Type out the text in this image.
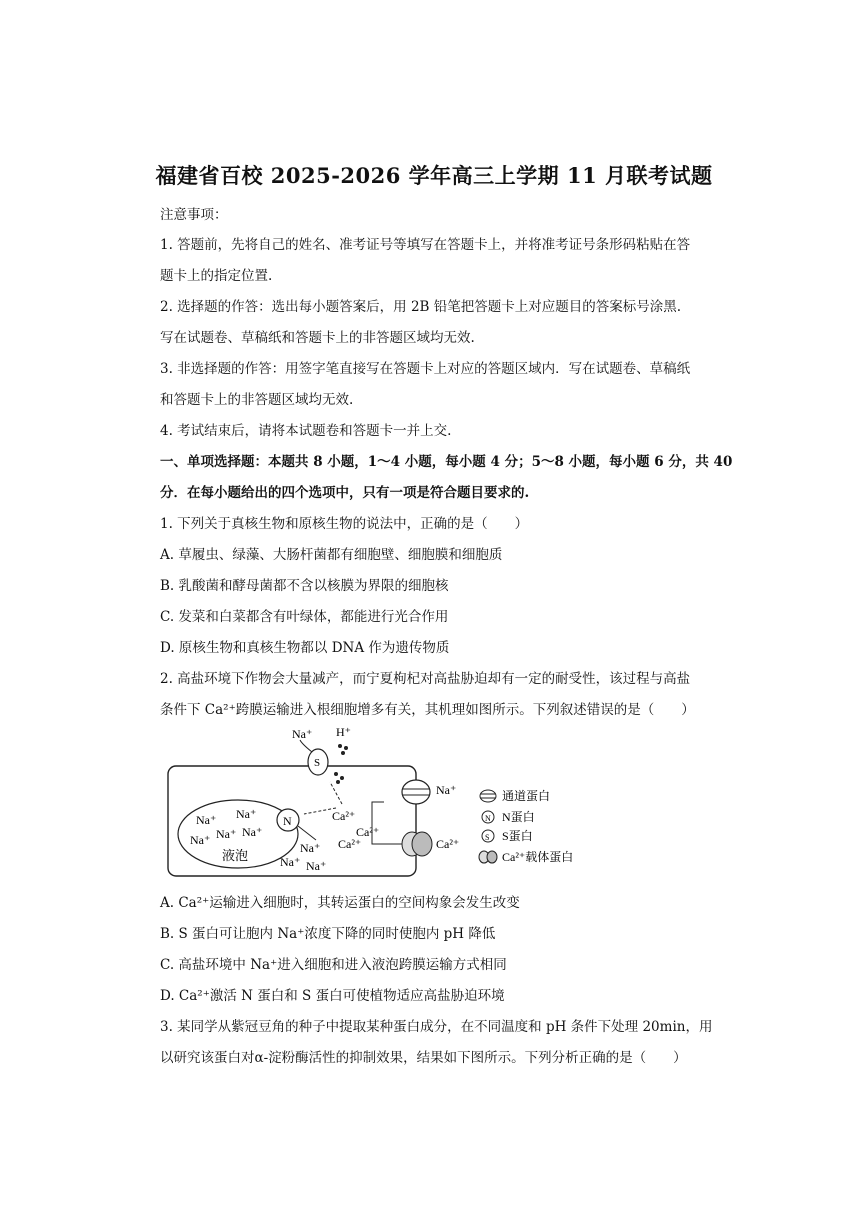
福建省百校 2025-2026 学年高三上学期 11 月联考试题
注意事项：
1. 答题前，先将自己的姓名、准考证号等填写在答题卡上，并将准考证号条形码粘贴在答
题卡上的指定位置.
2. 选择题的作答：选出每小题答案后，用 2B 铅笔把答题卡上对应题目的答案标号涂黑.
写在试题卷、草稿纸和答题卡上的非答题区域均无效.
3. 非选择题的作答：用签字笔直接写在答题卡上对应的答题区域内．写在试题卷、草稿纸
和答题卡上的非答题区域均无效.
4. 考试结束后，请将本试题卷和答题卡一并上交.
一、单项选择题：本题共 8 小题，1～4 小题，每小题 4 分；5～8 小题，每小题 6 分，共 40
分．在每小题给出的四个选项中，只有一项是符合题目要求的.
1. 下列关于真核生物和原核生物的说法中，正确的是（　　）
A. 草履虫、绿藻、大肠杆菌都有细胞壁、细胞膜和细胞质
B. 乳酸菌和酵母菌都不含以核膜为界限的细胞核
C. 发菜和白菜都含有叶绿体，都能进行光合作用
D. 原核生物和真核生物都以 DNA 作为遗传物质
2. 高盐环境下作物会大量减产，而宁夏枸杞对高盐胁迫却有一定的耐受性，该过程与高盐
条件下 Ca²⁺跨膜运输进入根细胞增多有关，其机理如图所示。下列叙述错误的是（　　）
S
Na⁺ H⁺
Na⁺
Ca²⁺
Ca²⁺
Ca²⁺
Ca²⁺
N
Na⁺ Na⁺
Na⁺ Na⁺ Na⁺
液泡	Na⁺
Na⁺ Na⁺
通道蛋白
N N蛋白
S S蛋白
Ca²⁺载体蛋白
A. Ca²⁺运输进入细胞时，其转运蛋白的空间构象会发生改变
B. S 蛋白可让胞内 Na⁺浓度下降的同时使胞内 pH 降低
C. 高盐环境中 Na⁺进入细胞和进入液泡跨膜运输方式相同
D. Ca²⁺激活 N 蛋白和 S 蛋白可使植物适应高盐胁迫环境
3. 某同学从紫冠豆角的种子中提取某种蛋白成分，在不同温度和 pH 条件下处理 20min，用
以研究该蛋白对α-淀粉酶活性的抑制效果，结果如下图所示。下列分析正确的是（　　）
